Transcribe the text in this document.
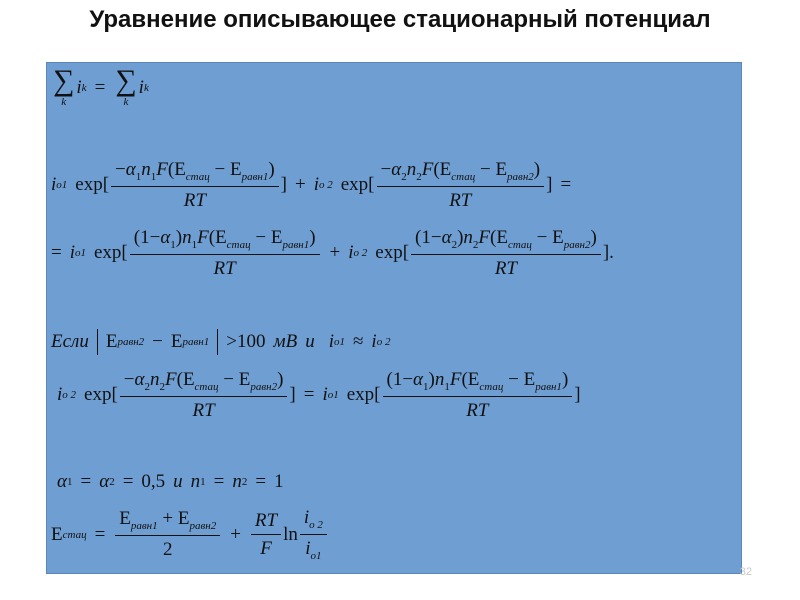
Уравнение описывающее стационарный потенциал
∑
k
i k = ∑
k
i k
i o1 $\exp[ \frac{-\alpha_1n_1F(E_{стац} - E_{равн1})}{RT}$ ] + i o 2 $\exp[ \frac{-\alpha_2n_2F(E_{стац} - E_{равн2})}{RT}$ ] =
= i o1 $\exp[ \frac{(1-\alpha_1)n_1F(E_{стац} - E_{равн1})}{RT} + i$ o 2 $\exp[ \frac{(1-\alpha_2)n_2F(E_{стац} - E_{равн2})}{RT}$ ].
Если E равн2 − E равн1 >100 мВ и i o1 ≈ i o 2
i o 2 $\exp[ \frac{-\alpha_2n_2F(E_{стац} - E_{равн2})}{RT}$ ] = i o1 $\exp[ \frac{(1-\alpha_1)n_1F(E_{стац} - E_{равн1})}{RT}$ ]
α 1 = α 2 = 0,5 и n 1 = n 2 = 1
E стац = $\frac{E_{равн1} + E_{равн2}}{2} + \frac{RT}{F}$ $\ln \frac{i_{o 2}}{i_{o1}}$
32
